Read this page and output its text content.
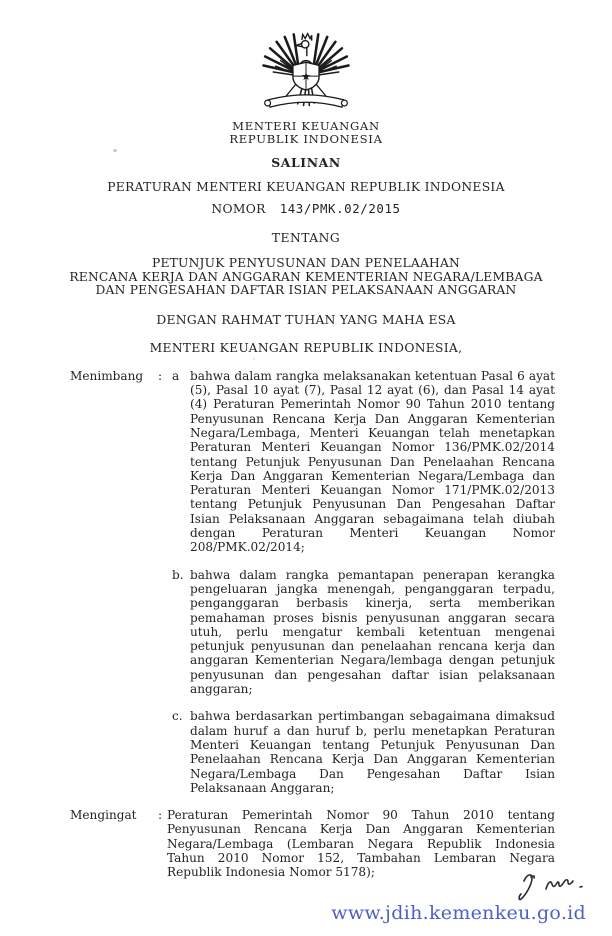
MENTERI KEUANGAN
REPUBLIK INDONESIA
SALINAN
PERATURAN MENTERI KEUANGAN REPUBLIK INDONESIA
NOMOR 143/PMK.02/2015
TENTANG
PETUNJUK PENYUSUNAN DAN PENELAAHAN
RENCANA KERJA DAN ANGGARAN KEMENTERIAN NEGARA/LEMBAGA
DAN PENGESAHAN DAFTAR ISIAN PELAKSANAAN ANGGARAN
DENGAN RAHMAT TUHAN YANG MAHA ESA
MENTERI KEUANGAN REPUBLIK INDONESIA,
Menimbang	: a bahwa dalam rangka melaksanakan ketentuan Pasal 6 ayat (5), Pasal 10 ayat (7), Pasal 12 ayat (6), dan Pasal 14 ayat (4) Peraturan Pemerintah Nomor 90 Tahun 2010 tentang Penyusunan Rencana Kerja Dan Anggaran Kementerian Negara/Lembaga, Menteri Keuangan telah menetapkan Peraturan Menteri Keuangan Nomor 136/PMK.02/2014 tentang Petunjuk Penyusunan Dan Penelaahan Rencana Kerja Dan Anggaran Kementerian Negara/Lembaga dan Peraturan Menteri Keuangan Nomor 171/PMK.02/2013 tentang Petunjuk Penyusunan Dan Pengesahan Daftar Isian Pelaksanaan Anggaran sebagaimana telah diubah dengan Peraturan Menteri Keuangan Nomor 208/PMK.02/2014;
b. bahwa dalam rangka pemantapan penerapan kerangka pengeluaran jangka menengah, penganggaran terpadu, penganggaran berbasis kinerja, serta memberikan pemahaman proses bisnis penyusunan anggaran secara utuh, perlu mengatur kembali ketentuan mengenai petunjuk penyusunan dan penelaahan rencana kerja dan anggaran Kementerian Negara/lembaga dengan petunjuk penyusunan dan pengesahan daftar isian pelaksanaan anggaran;
c. bahwa berdasarkan pertimbangan sebagaimana dimaksud dalam huruf a dan huruf b, perlu menetapkan Peraturan Menteri Keuangan tentang Petunjuk Penyusunan Dan Penelaahan Rencana Kerja Dan Anggaran Kementerian Negara/Lembaga Dan Pengesahan Daftar Isian Pelaksanaan Anggaran;
Mengingat	: Peraturan Pemerintah Nomor 90 Tahun 2010 tentang Penyusunan Rencana Kerja Dan Anggaran Kementerian Negara/Lembaga (Lembaran Negara Republik Indonesia Tahun 2010 Nomor 152, Tambahan Lembaran Negara Republik Indonesia Nomor 5178);
www.jdih.kemenkeu.go.id
